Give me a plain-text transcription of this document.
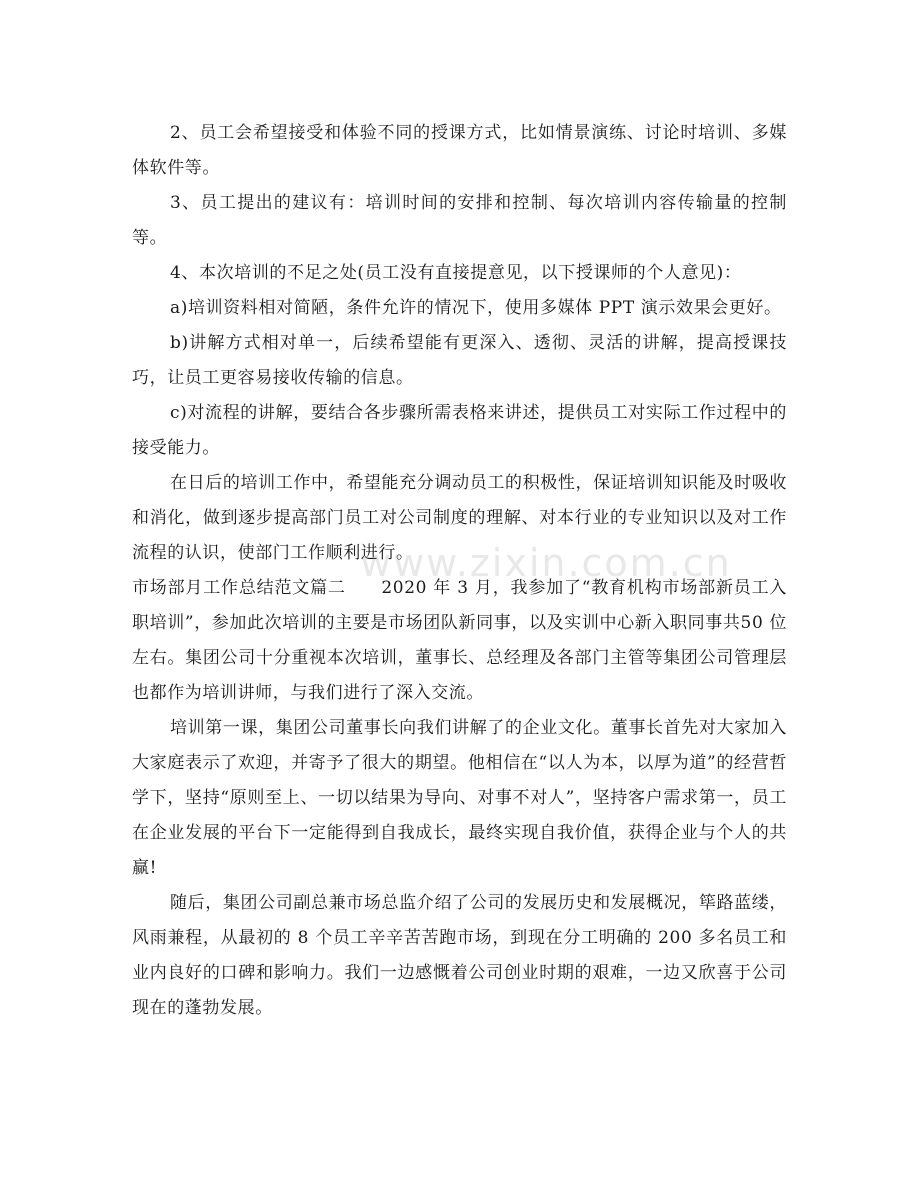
2、员工会希望接受和体验不同的授课方式，比如情景演练、讨论时培训、多媒体软件等。

3、员工提出的建议有：培训时间的安排和控制、每次培训内容传输量的控制等。

4、本次培训的不足之处(员工没有直接提意见，以下授课师的个人意见)：

a)培训资料相对简陋，条件允许的情况下，使用多媒体 PPT 演示效果会更好。

b)讲解方式相对单一，后续希望能有更深入、透彻、灵活的讲解，提高授课技巧，让员工更容易接收传输的信息。

c)对流程的讲解，要结合各步骤所需表格来讲述，提供员工对实际工作过程中的接受能力。

在日后的培训工作中，希望能充分调动员工的积极性，保证培训知识能及时吸收和消化，做到逐步提高部门员工对公司制度的理解、对本行业的专业知识以及对工作流程的认识，使部门工作顺利进行。

市场部月工作总结范文篇二　　2020 年 3 月，我参加了“教育机构市场部新员工入职培训”，参加此次培训的主要是市场团队新同事，以及实训中心新入职同事共50 位左右。集团公司十分重视本次培训，董事长、总经理及各部门主管等集团公司管理层也都作为培训讲师，与我们进行了深入交流。

培训第一课，集团公司董事长向我们讲解了的企业文化。董事长首先对大家加入大家庭表示了欢迎，并寄予了很大的期望。他相信在“以人为本，以厚为道”的经营哲学下，坚持“原则至上、一切以结果为导向、对事不对人”，坚持客户需求第一，员工在企业发展的平台下一定能得到自我成长，最终实现自我价值，获得企业与个人的共赢!

随后，集团公司副总兼市场总监介绍了公司的发展历史和发展概况，筚路蓝缕，风雨兼程，从最初的 8 个员工辛辛苦苦跑市场，到现在分工明确的 200 多名员工和业内良好的口碑和影响力。我们一边感慨着公司创业时期的艰难，一边又欣喜于公司现在的蓬勃发展。

www.zixin.com.cn
